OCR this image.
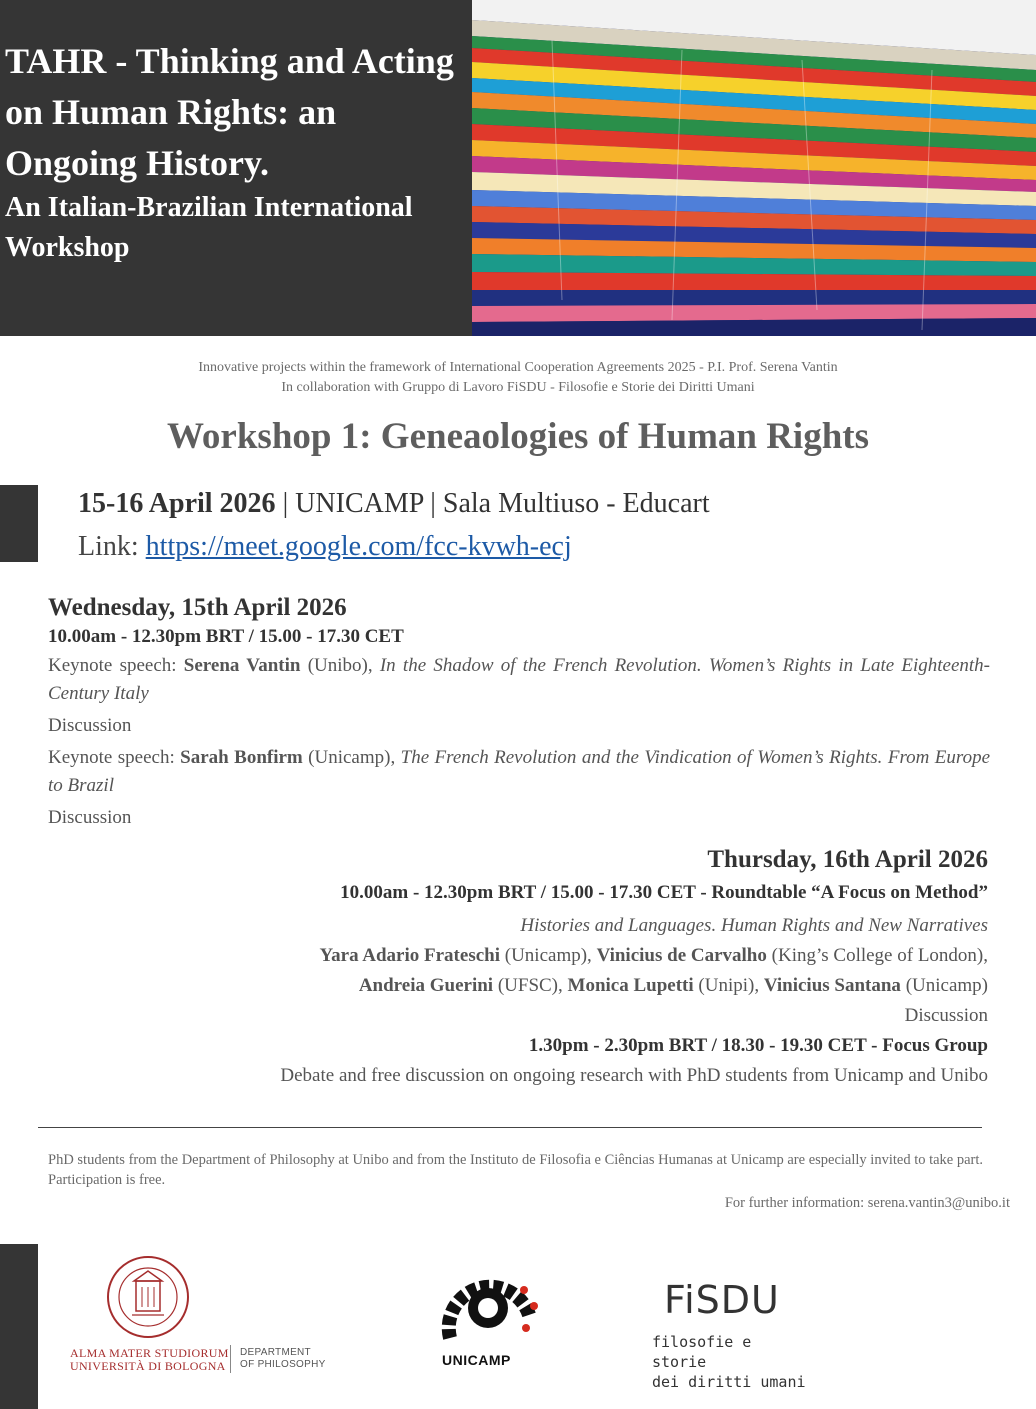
TAHR - Thinking and Acting on Human Rights: an Ongoing History.
An Italian-Brazilian International
Workshop

Innovative projects within the framework of International Cooperation Agreements 2025 - P.I. Prof. Serena Vantin

In collaboration with Gruppo di Lavoro FiSDU - Filosofie e Storie dei Diritti Umani

Workshop 1: Geneaologies of Human Rights

15-16 April 2026 | UNICAMP | Sala Multiuso - Educart

Link: https://meet.google.com/fcc-kvwh-ecj

Wednesday, 15th April 2026
10.00am - 12.30pm BRT / 15.00 - 17.30 CET
Keynote speech: Serena Vantin (Unibo), In the Shadow of the French Revolution. Women’s Rights in Late Eighteenth-Century Italy
Discussion
Keynote speech: Sarah Bonfirm (Unicamp), The French Revolution and the Vindication of Women’s Rights. From Europe to Brazil
Discussion
Thursday, 16th April 2026
10.00am - 12.30pm BRT / 15.00 - 17.30 CET - Roundtable “A Focus on Method”
Histories and Languages. Human Rights and New Narratives
Yara Adario Frateschi (Unicamp), Vinicius de Carvalho (King’s College of London),
Andreia Guerini (UFSC), Monica Lupetti (Unipi), Vinicius Santana (Unicamp)
Discussion
1.30pm - 2.30pm BRT / 18.30 - 19.30 CET - Focus Group
Debate and free discussion on ongoing research with PhD students from Unicamp and Unibo

PhD students from the Department of Philosophy at Unibo and from the Instituto de Filosofia e Ciências Humanas at Unicamp are especially invited to take part. Participation is free.

For further information: serena.vantin3@unibo.it

ALMA MATER STUDIORUM
UNIVERSITÀ DI BOLOGNA
DEPARTMENT
OF PHILOSOPHY	UNICAMP
FiSDU
filosofie e storie
dei diritti umani
